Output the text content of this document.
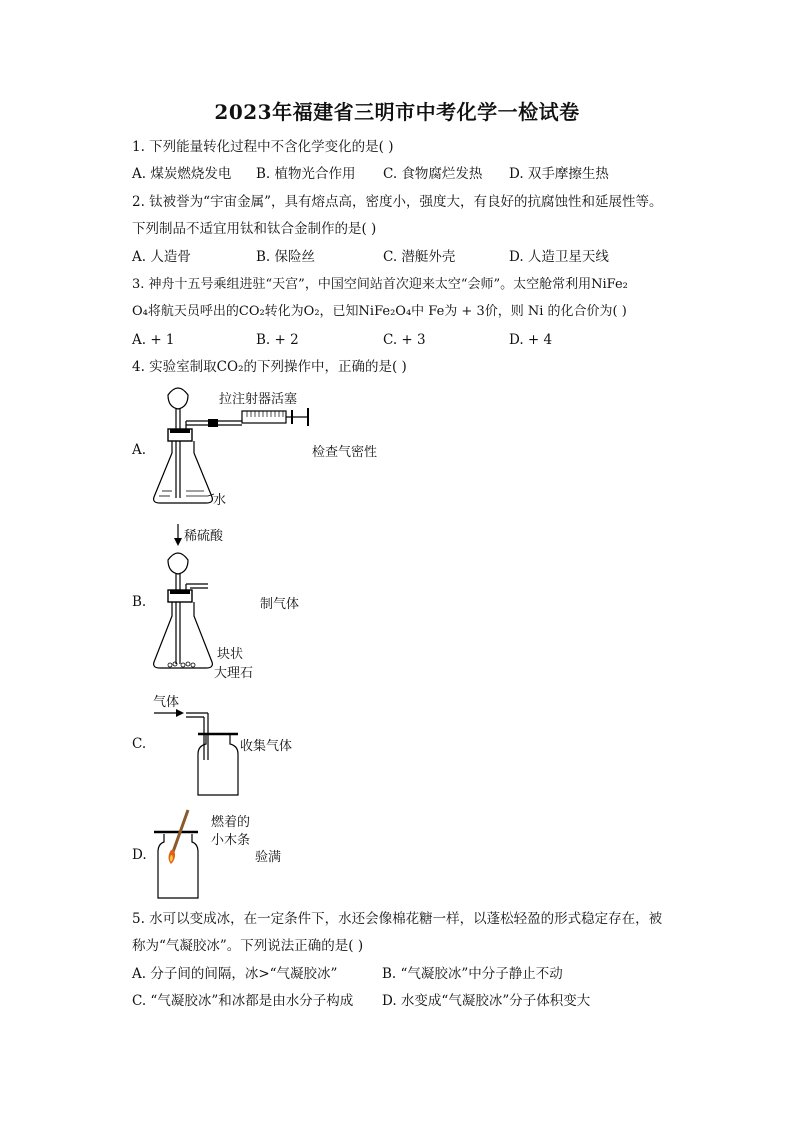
2023年福建省三明市中考化学一检试卷
1. 下列能量转化过程中不含化学变化的是( )
A. 煤炭燃烧发电 B. 植物光合作用 C. 食物腐烂发热 D. 双手摩擦生热
2. 钛被誉为“宇宙金属”，具有熔点高，密度小，强度大，有良好的抗腐蚀性和延展性等。
下列制品不适宜用钛和钛合金制作的是( )
A. 人造骨	B. 保险丝	C. 潜艇外壳	D. 人造卫星天线
3. 神舟十五号乘组进驻“天宫”，中国空间站首次迎来太空“会师”。太空舱常利用NiFe₂
O₄将航天员呼出的CO₂转化为O₂，已知NiFe₂O₄中 Fe为 + 3价，则 Ni 的化合价为( )
A. + 1	B. + 2	C. + 3	D. + 4
4. 实验室制取CO₂的下列操作中，正确的是( )
A.
拉注射器活塞
水
检查气密性
B.
稀硫酸
块状
大理石
制气体
C.
气体
收集气体
D.
燃着的
小木条
验满
5. 水可以变成冰，在一定条件下，水还会像棉花糖一样，以蓬松轻盈的形式稳定存在，被
称为“气凝胶冰”。下列说法正确的是( )
A. 分子间的间隔，冰>“气凝胶冰”	B. “气凝胶冰”中分子静止不动
C. “气凝胶冰”和冰都是由水分子构成 D. 水变成“气凝胶冰”分子体积变大
